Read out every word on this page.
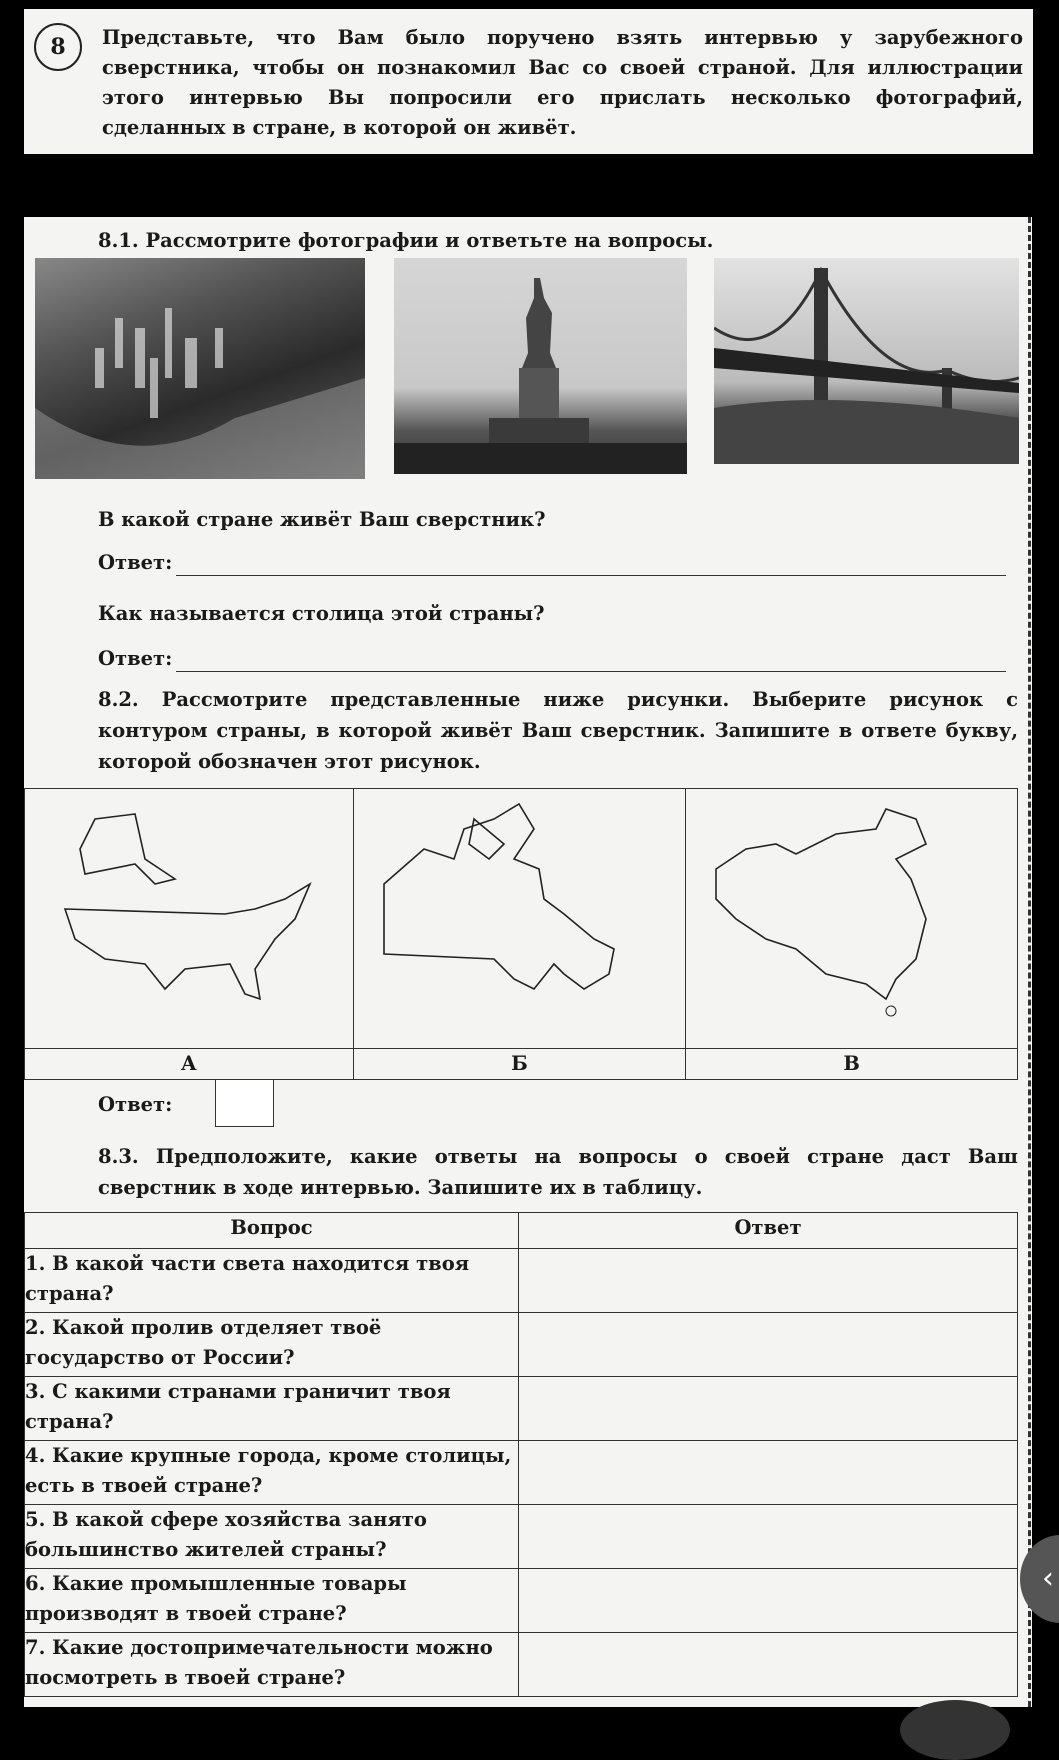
8	Представьте, что Вам было поручено взять интервью у зарубежного сверстника, чтобы он познакомил Вас со своей страной. Для иллюстрации этого интервью Вы попросили его прислать несколько фотографий, сделанных в стране, в которой он живёт.
8.1. Рассмотрите фотографии и ответьте на вопросы.
В какой стране живёт Ваш сверстник?
Ответ:
Как называется столица этой страны?
Ответ:
8.2. Рассмотрите представленные ниже рисунки. Выберите рисунок с контуром страны, в которой живёт Ваш сверстник. Запишите в ответе букву, которой обозначен этот рисунок.

А	Б	В
Ответ:
8.3. Предположите, какие ответы на вопросы о своей стране даст Ваш сверстник в ходе интервью. Запишите их в таблицу.
Вопрос	Ответ
1. В какой части света находится твоя страна?	
2. Какой пролив отделяет твоё государство от России?	
3. С какими странами граничит твоя страна?	
4. Какие крупные города, кроме столицы, есть в твоей стране?	
5. В какой сфере хозяйства занято большинство жителей страны?	
6. Какие промышленные товары производят в твоей стране?	
7. Какие достопримечательности можно посмотреть в твоей стране?	
‹
